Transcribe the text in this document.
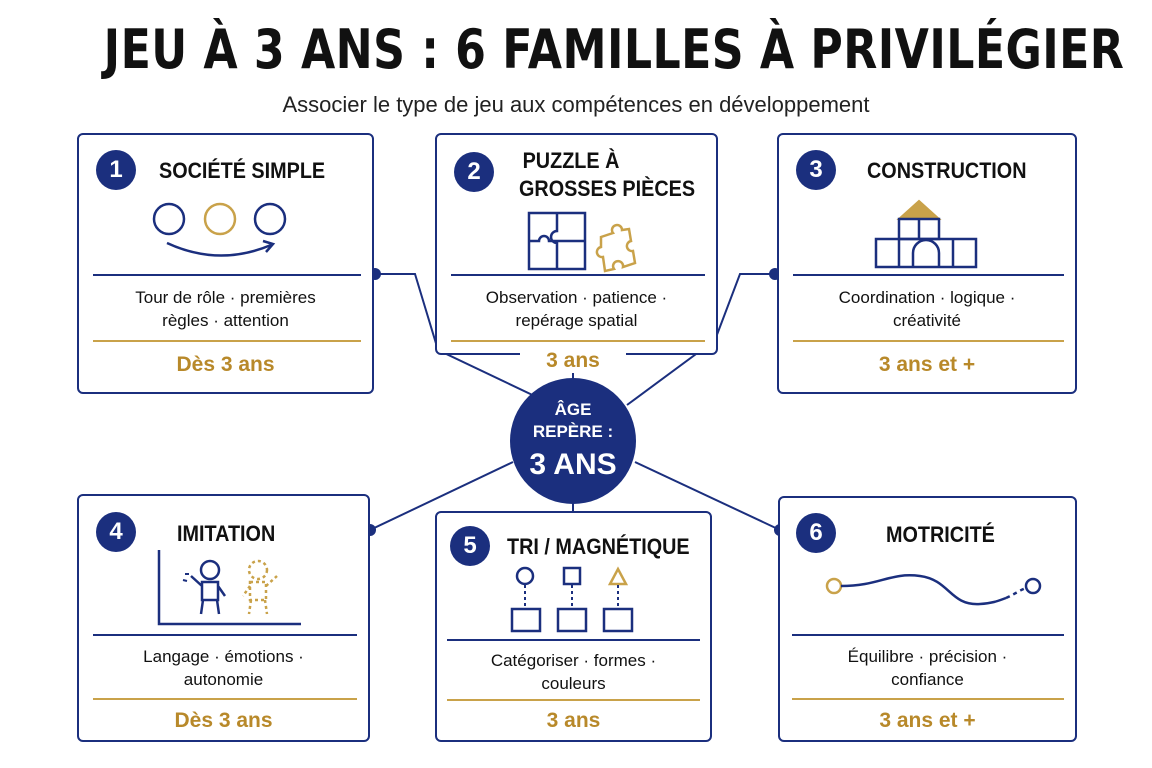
JEU À 3 ANS : 6 FAMILLES À PRIVILÉGIER
Associer le type de jeu aux compétences en développement
1	SOCIÉTÉ SIMPLE
Tour de rôle · premières
règles · attention
Dès 3 ans
2	PUZZLE À
GROSSES PIÈCES
Observation · patience ·
repérage spatial
3 ans
3	CONSTRUCTION
Coordination · logique ·
créativité
3 ans et +
4	IMITATION
Langage · émotions ·
autonomie
Dès 3 ans
5	TRI / MAGNÉTIQUE
Catégoriser · formes ·
couleurs
3 ans
6	MOTRICITÉ
Équilibre · précision ·
confiance
3 ans et +
ÂGE
REPÈRE :
3 ANS
